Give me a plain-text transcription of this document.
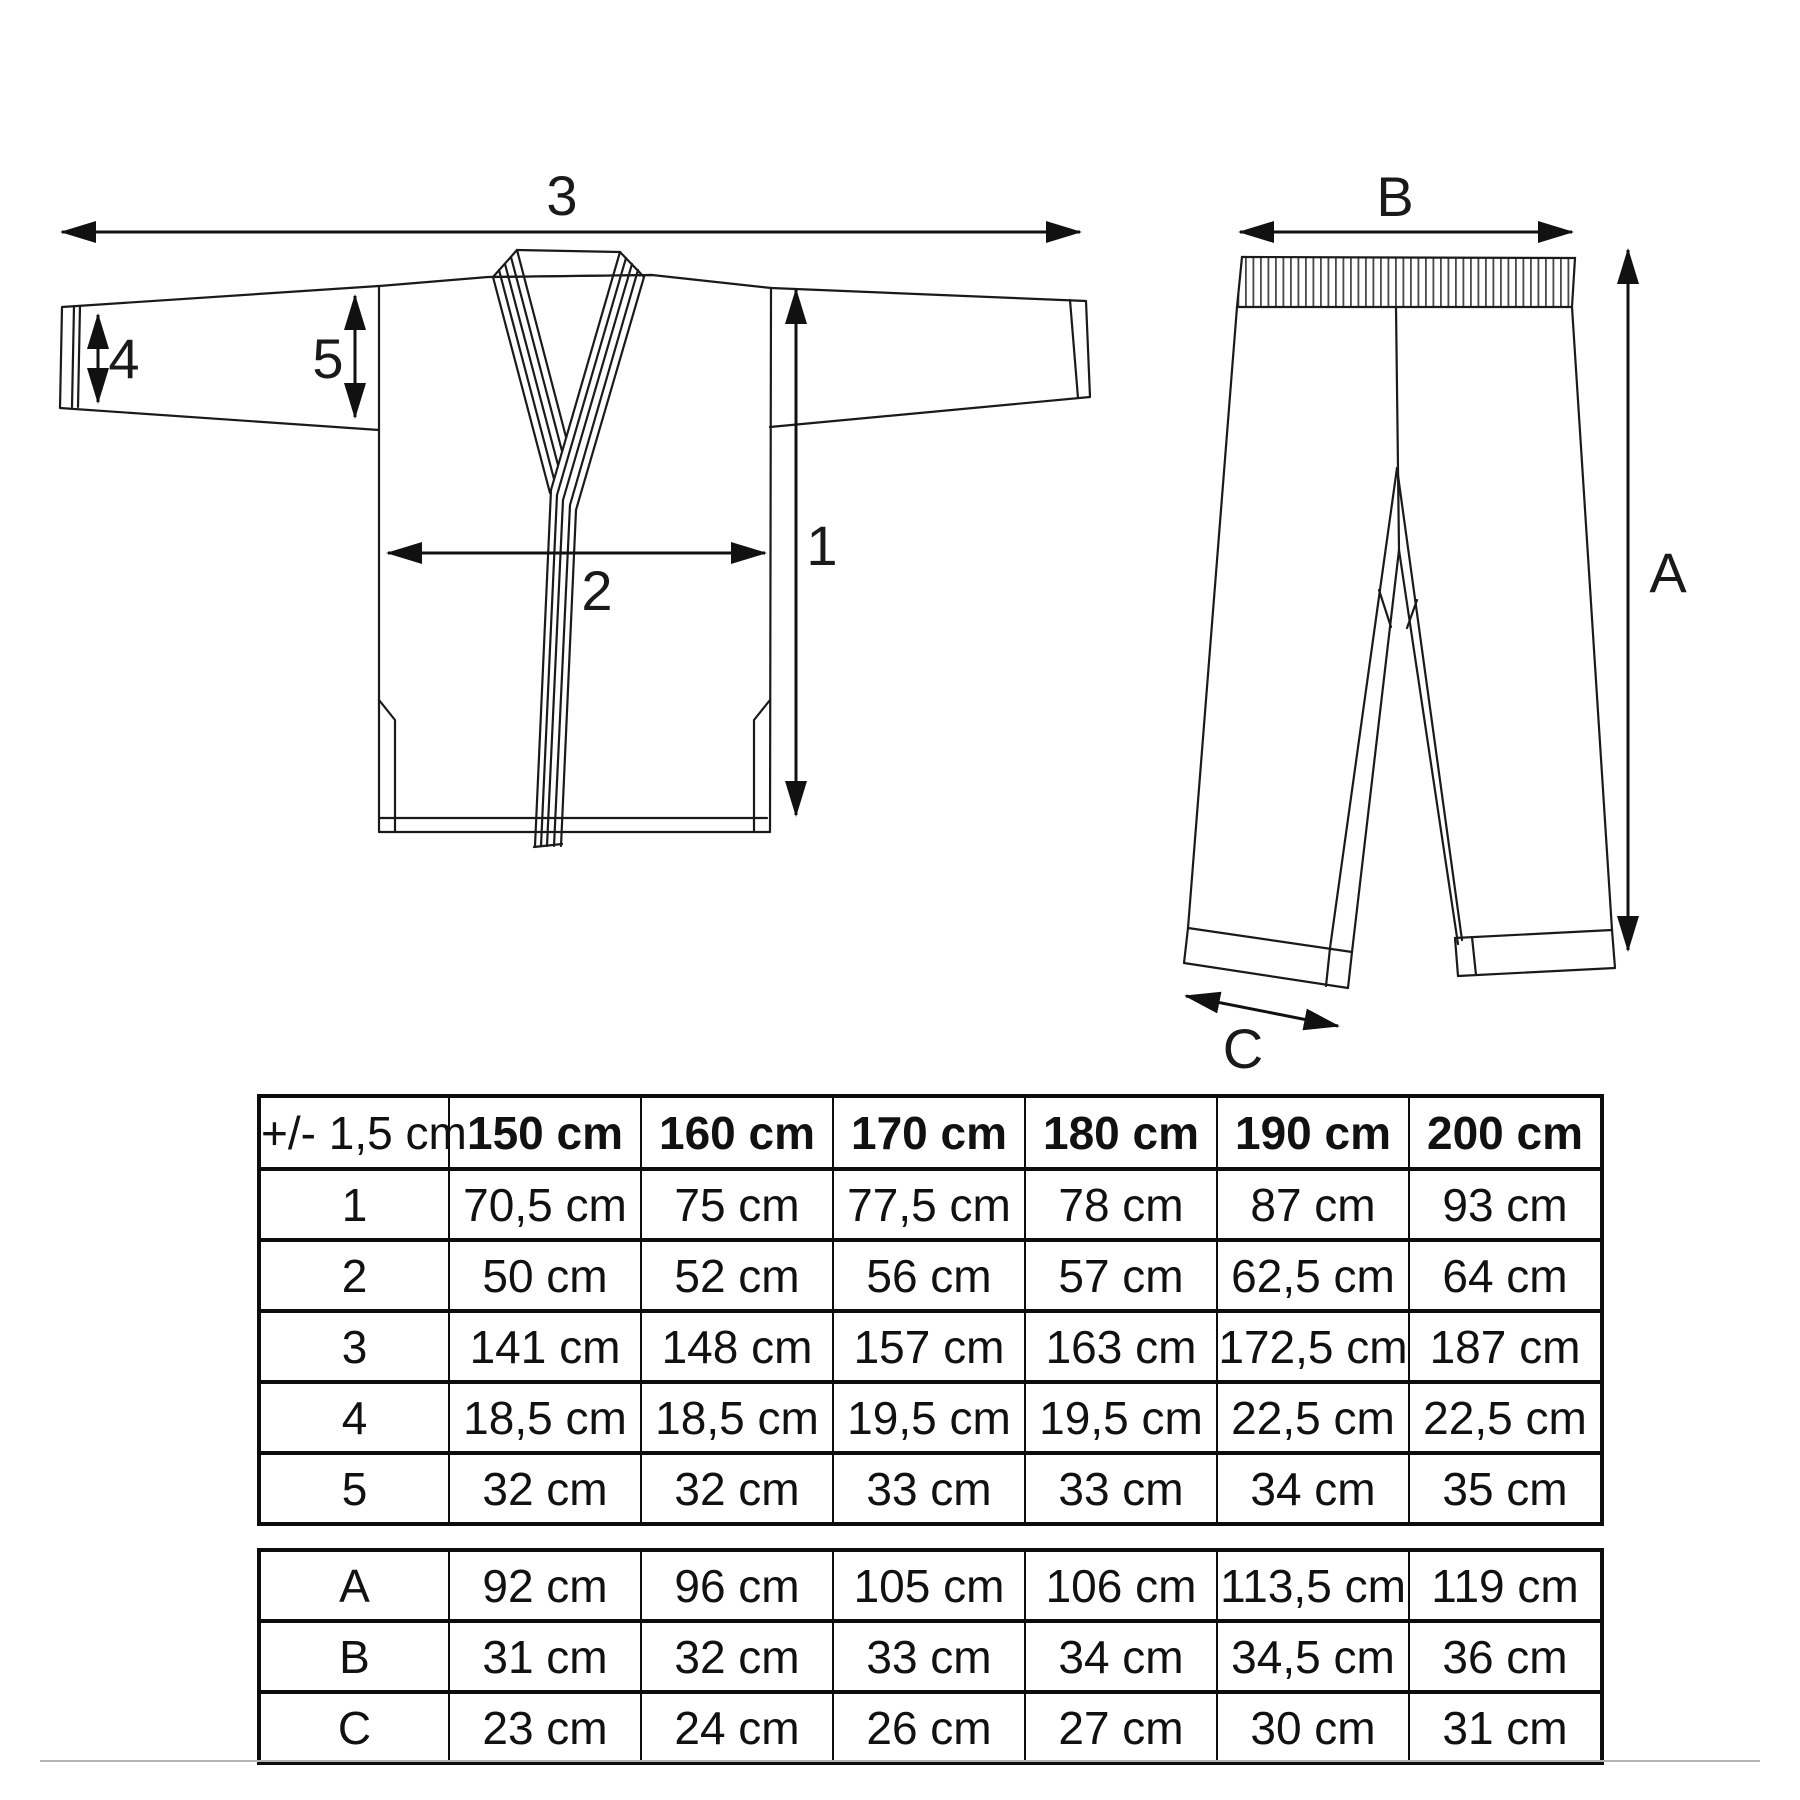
3
1
2
4	5
B
A
C
+/- 1,5 cm	150 cm	160 cm	170 cm	180 cm	190 cm	200 cm
1	70,5 cm	75 cm	77,5 cm	78 cm	87 cm	93 cm
2	50 cm	52 cm	56 cm	57 cm	62,5 cm	64 cm
3	141 cm	148 cm	157 cm	163 cm	172,5 cm	187 cm
4	18,5 cm	18,5 cm	19,5 cm	19,5 cm	22,5 cm	22,5 cm
5	32 cm	32 cm	33 cm	33 cm	34 cm	35 cm
A	92 cm	96 cm	105 cm	106 cm	113,5 cm	119 cm
B	31 cm	32 cm	33 cm	34 cm	34,5 cm	36 cm
C	23 cm	24 cm	26 cm	27 cm	30 cm	31 cm
